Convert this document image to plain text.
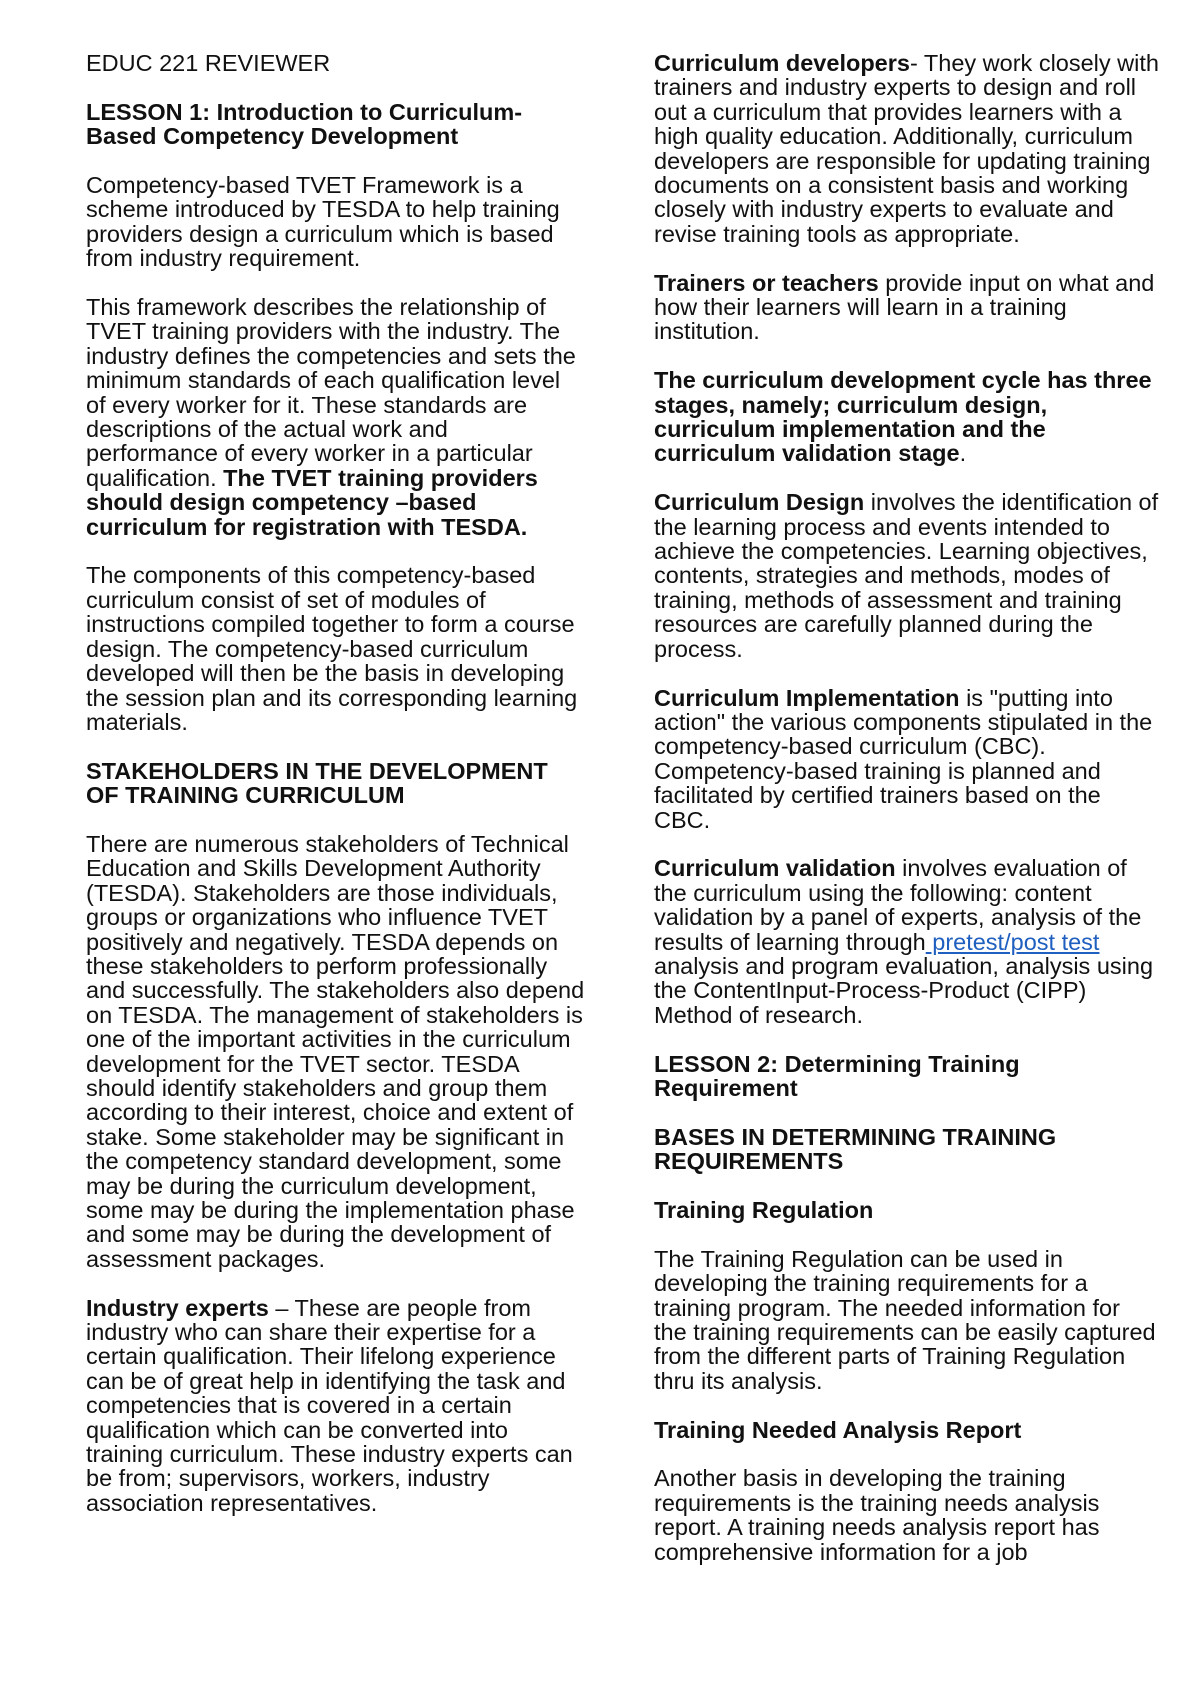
EDUC 221 REVIEWER

LESSON 1: Introduction to Curriculum-Based Competency Development

Competency-based TVET Framework is a scheme introduced by TESDA to help training providers design a curriculum which is based from industry requirement.

This framework describes the relationship of TVET training providers with the industry. The industry defines the competencies and sets the minimum standards of each qualification level of every worker for it. These standards are descriptions of the actual work and performance of every worker in a particular qualification. The TVET training providers should design competency –based curriculum for registration with TESDA.

The components of this competency-based curriculum consist of set of modules of instructions compiled together to form a course design. The competency-based curriculum developed will then be the basis in developing the session plan and its corresponding learning materials.

STAKEHOLDERS IN THE DEVELOPMENT OF TRAINING CURRICULUM

There are numerous stakeholders of Technical Education and Skills Development Authority (TESDA). Stakeholders are those individuals, groups or organizations who influence TVET positively and negatively. TESDA depends on these stakeholders to perform professionally and successfully. The stakeholders also depend on TESDA. The management of stakeholders is one of the important activities in the curriculum development for the TVET sector. TESDA should identify stakeholders and group them according to their interest, choice and extent of stake. Some stakeholder may be significant in the competency standard development, some may be during the curriculum development, some may be during the implementation phase and some may be during the development of assessment packages.

Industry experts – These are people from industry who can share their expertise for a certain qualification. Their lifelong experience can be of great help in identifying the task and competencies that is covered in a certain qualification which can be converted into training curriculum. These industry experts can be from; supervisors, workers, industry association representatives.

Curriculum developers- They work closely with trainers and industry experts to design and roll out a curriculum that provides learners with a high quality education. Additionally, curriculum developers are responsible for updating training documents on a consistent basis and working closely with industry experts to evaluate and revise training tools as appropriate.

Trainers or teachers provide input on what and how their learners will learn in a training institution.

The curriculum development cycle has three stages, namely; curriculum design, curriculum implementation and the curriculum validation stage.

Curriculum Design involves the identification of the learning process and events intended to achieve the competencies. Learning objectives, contents, strategies and methods, modes of training, methods of assessment and training resources are carefully planned during the process.

Curriculum Implementation is "putting into action" the various components stipulated in the competency-based curriculum (CBC). Competency-based training is planned and facilitated by certified trainers based on the CBC.

Curriculum validation involves evaluation of the curriculum using the following: content validation by a panel of experts, analysis of the results of learning through pretest/post test analysis and program evaluation, analysis using the ContentInput-Process-Product (CIPP) Method of research.

LESSON 2: Determining Training Requirement
BASES IN DETERMINING TRAINING REQUIREMENTS
Training Regulation

The Training Regulation can be used in developing the training requirements for a training program. The needed information for the training requirements can be easily captured from the different parts of Training Regulation thru its analysis.

Training Needed Analysis Report

Another basis in developing the training requirements is the training needs analysis report. A training needs analysis report has comprehensive information for a job
